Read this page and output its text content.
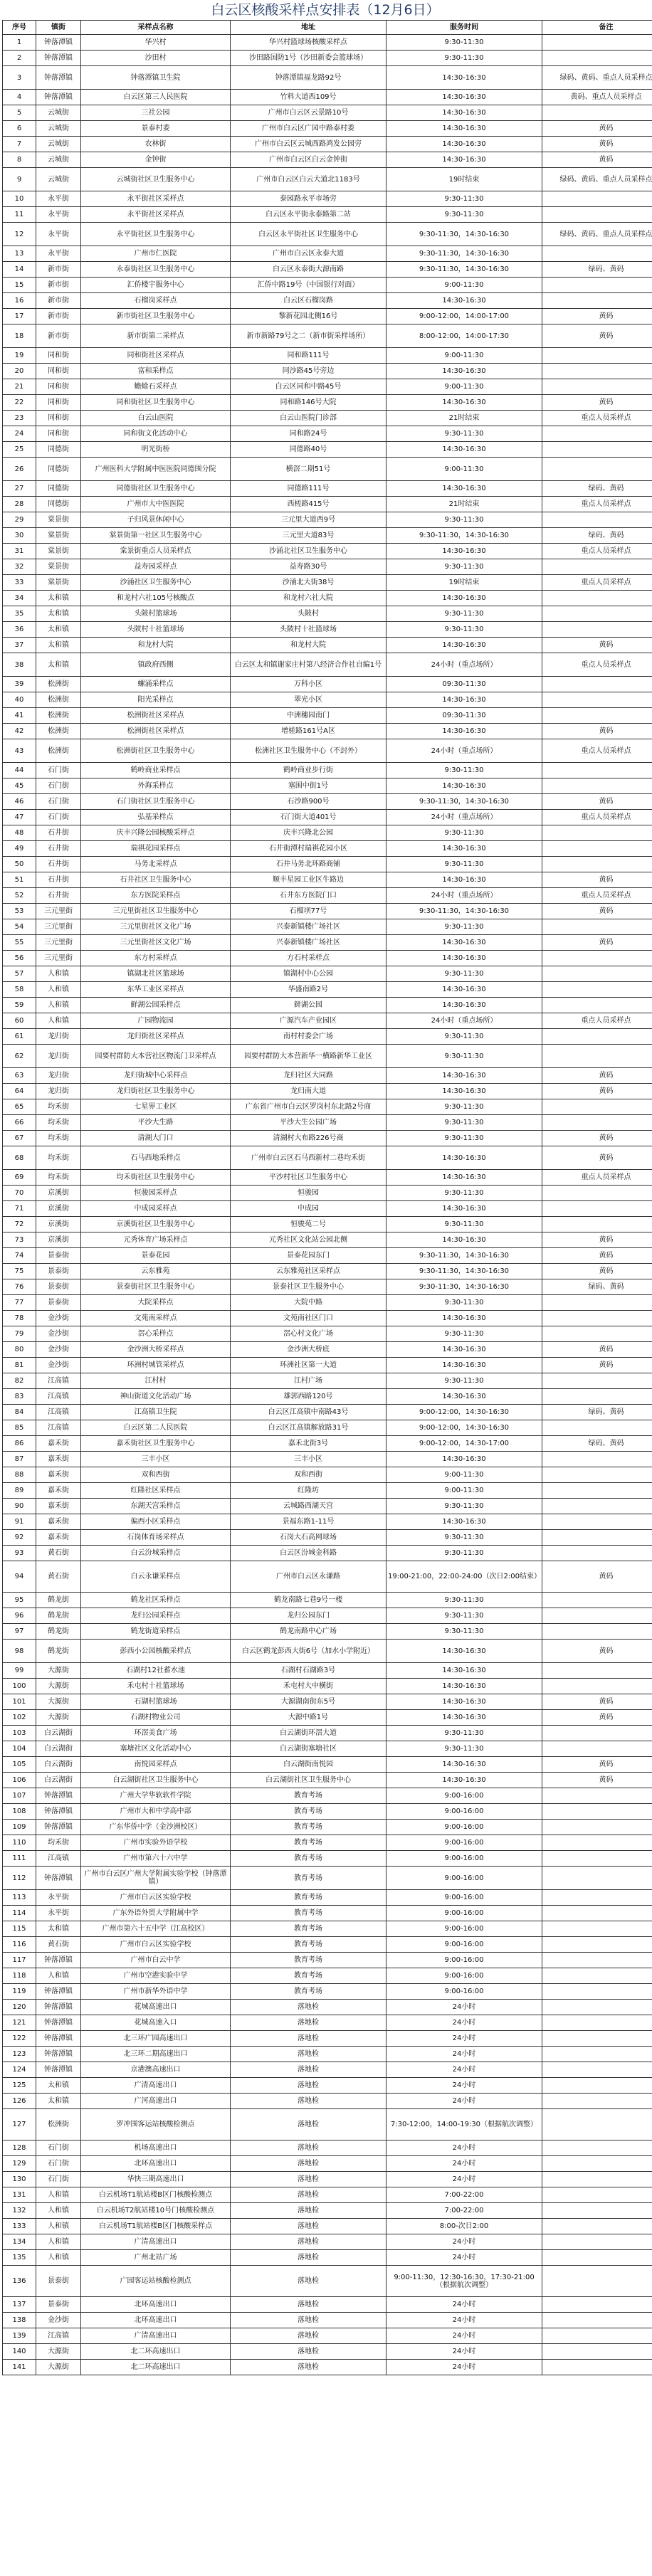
白云区核酸采样点安排表（12月6日）
序号	镇街	采样点名称	地址	服务时间	备注
1	钟落潭镇	华兴村	华兴村篮球场核酸采样点	9:30-11:30	
2	钟落潭镇	沙田村	沙田路国防1号（沙田新委会篮球场）	9:30-11:30	
3	钟落潭镇	钟落潭镇卫生院	钟落潭镇福龙路92号	14:30-16:30	绿码、黄码、重点人员采样点
4	钟落潭镇	白云区第三人民医院	竹料大道西109号	14:30-16:30	黄码、重点人员采样点
5	云城街	三社公园	广州市白云区云景路10号	14:30-16:30	
6	云城街	景泰村委	广州市白云区广园中路泰村委	14:30-16:30	黄码
7	云城街	农林街	广州市白云区云城西路鸿发公园旁	14:30-16:30	黄码
8	云城街	金钟街	广州市白云区白云金钟街	14:30-16:30	黄码
9	云城街	云城街社区卫生服务中心	广州市白云区白云大道北1183号	19时结束	绿码、黄码、重点人员采样点
10	永平街	永平街社区采样点	泰园路永平市场旁	9:30-11:30	
11	永平街	永平街社区采样点	白云区永平街永泰路第二站	9:30-11:30	
12	永平街	永平街社区卫生服务中心	白云区永平街社区卫生服务中心	9:30-11:30，14:30-16:30	绿码、黄码、重点人员采样点
13	永平街	广州市仁医院	广州市白云区永泰大道	9:30-11:30，14:30-16:30	
14	新市街	永泰街社区卫生服务中心	白云区永泰街大源南路	9:30-11:30，14:30-16:30	绿码、黄码
15	新市街	汇侨楼宇服务中心	汇侨中路19号（中国银行对面）	9:00-11:30	
16	新市街	石榴岗采样点	白云区石榴岗路	14:30-16:30	
17	新市街	新市街社区卫生服务中心	黎新花园北侧16号	9:00-12:00，14:00-17:00	黄码
18	新市街	新市街第二采样点	新市新路79号之二（新市街采样场所）	8:00-12:00，14:00-17:30	黄码
19	同和街	同和街社区采样点	同和路111号	9:00-11:30	
20	同和街	富和采样点	同沙路45号旁边	14:30-16:30	
21	同和街	蟾蜍石采样点	白云区同和中路45号	9:00-11:30	
22	同和街	同和街社区卫生服务中心	同和路146号大院	14:30-16:30	黄码
23	同和街	白云山医院	白云山医院门诊部	21时结束	重点人员采样点
24	同和街	同和街文化活动中心	同和路24号	9:30-11:30	
25	同德街	明光街桥	同德路40号	14:30-16:30	
26	同德街	广州医科大学附属中医医院同德围分院	横滘二期51号	9:00-11:30	
27	同德街	同德街社区卫生服务中心	同德路111号	14:30-16:30	绿码、黄码
28	同德街	广州市大中医医院	西槎路415号	21时结束	重点人员采样点
29	棠景街	子归风景休闲中心	三元里大道西9号	9:30-11:30	
30	棠景街	棠景街第一社区卫生服务中心	三元里大道83号	9:30-11:30，14:30-16:30	绿码、黄码
31	棠景街	棠景街重点人员采样点	沙涌北社区卫生服务中心	14:30-16:30	重点人员采样点
32	棠景街	益寿园采样点	益寿路30号	9:30-11:30	
33	棠景街	沙涌社区卫生服务中心	沙涌北大街38号	19时结束	重点人员采样点
34	太和镇	和龙村六社105号核酸点	和龙村六社大院	14:30-16:30	
35	太和镇	头陂村篮球场	头陂村	9:30-11:30	
36	太和镇	头陂村十社篮球场	头陂村十社篮球场	9:30-11:30	
37	太和镇	和龙村大院	和龙村大院	14:30-16:30	黄码
38	太和镇	镇政府西侧	白云区太和镇谢家庄村第八经济合作社自编1号	24小时（重点场所）	重点人员采样点
39	松洲街	螺涌采样点	万科小区	09:30-11:30	
40	松洲街	阳光采样点	翠光小区	14:30-16:30	
41	松洲街	松洲街社区采样点	中洲穗园南门	09:30-11:30	
42	松洲街	松洲街社区采样点	增槎路161号A区	14:30-16:30	黄码
43	松洲街	松洲街社区卫生服务中心	松洲社区卫生服务中心（不封外）	24小时（重点场所）	重点人员采样点
44	石门街	鹤岭商业采样点	鹤岭商业步行街	9:30-11:30	
45	石门街	外海采样点	塞围中街1号	14:30-16:30	
46	石门街	石门街社区卫生服务中心	石沙路900号	9:30-11:30，14:30-16:30	黄码
47	石门街	弘基采样点	石门街大道401号	24小时（重点场所）	重点人员采样点
48	石井街	庆丰兴隆公园核酸采样点	庆丰兴隆北公园	9:30-11:30	
49	石井街	瑞祺花园采样点	石井街潭村瑞祺花园小区	14:30-16:30	
50	石井街	马务北采样点	石井马务北环路商铺	9:30-11:30	
51	石井街	石井社区卫生服务中心	顺丰星园工业区牛路边	14:30-16:30	黄码
52	石井街	东方医院采样点	石井东方医院门口	24小时（重点场所）	重点人员采样点
53	三元里街	三元里街社区卫生服务中心	石榴坝77号	9:30-11:30，14:30-16:30	黄码
54	三元里街	三元里街社区文化广场	兴泰新镇楼广场社区	9:30-11:30	
55	三元里街	三元里街社区文化广场	兴泰新镇楼广场社区	14:30-16:30	黄码
56	三元里街	东方村采样点	方石村采样点	14:30-16:30	
57	人和镇	镇湖北社区篮球场	镇湖村中心公园	9:30-11:30	
58	人和镇	东华工业区采样点	华盛南路2号	14:30-16:30	
59	人和镇	鲜湖公园采样点	鲜湖公园	14:30-16:30	
60	人和镇	广园物流园	广源汽车产业园区	24小时（重点场所）	重点人员采样点
61	龙归街	龙归街社区采样点	南村村委会广场	9:30-11:30	
62	龙归街	园要村群防大本营社区物流门卫采样点	园要村群防大本营新华一横路新华工业区	9:30-11:30	
63	龙归街	龙归街城中心采样点	龙归社区大同路	14:30-16:30	黄码
64	龙归街	龙归街社区卫生服务中心	龙归南大道	14:30-16:30	黄码
65	均禾街	七星界工业区	广东省广州市白云区罗岗村东北路2号商	9:30-11:30	
66	均禾街	平沙大生路	平沙大生公园广场	9:30-11:30	
67	均禾街	清湖大门口	清湖村大布路226号商	9:30-11:30	黄码
68	均禾街	石马西地采样点	广州市白云区石马西新村二巷均禾街	14:30-16:30	黄码
69	均禾街	均禾街社区卫生服务中心	平沙村社区卫生服务中心	14:30-16:30	重点人员采样点
70	京溪街	恒骏园采样点	恒骏园	9:30-11:30	
71	京溪街	中成园采样点	中成园	14:30-16:30	
72	京溪街	京溪街社区卫生服务中心	恒骏苑二号	9:30-11:30	
73	京溪街	元秀体育广场采样点	元秀社区文化站公园北侧	14:30-16:30	黄码
74	景泰街	景泰花园	景泰花园东门	9:30-11:30，14:30-16:30	黄码
75	景泰街	云东雅苑	云东雅苑社区采样点	9:30-11:30，14:30-16:30	黄码
76	景泰街	景泰街社区卫生服务中心	景泰社区卫生服务中心	9:30-11:30，14:30-16:30	绿码、黄码
77	景泰街	大院采样点	大院中路	9:30-11:30	
78	金沙街	文苑南采样点	文苑南社区门口	14:30-16:30	
79	金沙街	滘心采样点	滘心村文化广场	9:30-11:30	
80	金沙街	金沙洲大桥采样点	金沙洲大桥底	14:30-16:30	黄码
81	金沙街	环洲村城管采样点	环洲社区第一大道	14:30-16:30	黄码
82	江高镇	江村村	江村广场	9:30-11:30	
83	江高镇	神山街道文化活动广场	雄郭西路120号	14:30-16:30	
84	江高镇	江高镇卫生院	白云区江高镇中南路43号	9:00-12:00，14:30-16:30	绿码、黄码
85	江高镇	白云区第二人民医院	白云区江高镇解放路31号	9:00-12:00，14:30-16:30	
86	嘉禾街	嘉禾街社区卫生服务中心	嘉禾北街3号	9:00-12:00，14:30-17:00	绿码、黄码
87	嘉禾街	三丰小区	三丰小区	14:30-16:30	
88	嘉禾街	双和西街	双和西街	9:00-11:30	
89	嘉禾街	红隆社区采样点	红隆坊	9:00-11:30	
90	嘉禾街	东湖天宫采样点	云城路西湖天宫	9:30-11:30	
91	嘉禾街	偏西小区采样点	景福东路1-11号	14:30-16:30	
92	嘉禾街	石岗体育场采样点	石岗大石高网球场	9:30-11:30	
93	黄石街	白云汾城采样点	白云区汾城金科路	9:30-11:30	
94	黄石街	白云永谦采样点	广州市白云区永谦路	19:00-21:00，22:00-24:00（次日2:00结束）	黄码
95	鹤龙街	鹤龙社区采样点	鹤龙南路七巷9号一楼	9:30-11:30	
96	鹤龙街	龙归公园采样点	龙归公园东门	9:30-11:30	
97	鹤龙街	鹤龙街道采样点	鹤龙南路中心广场	9:30-11:30	
98	鹤龙街	彭西小公园核酸采样点	白云区鹤龙彭西大街6号（加水小学附近）	14:30-16:30	黄码
99	大源街	石湖村12社蓄水池	石湖村石湖路3号	14:30-16:30	
100	大源街	禾屯村十社篮球场	禾屯村大中横街	14:30-16:30	
101	大源街	石湖村篮球场	大源湖南街东5号	14:30-16:30	黄码
102	大源街	石湖村物业公司	大源中路1号	14:30-16:30	黄码
103	白云湖街	环滘美食广场	白云湖街环滘大道	9:30-11:30	
104	白云湖街	塞塘社区文化活动中心	白云湖街塞塘社区	9:30-11:30	
105	白云湖街	南悦园采样点	白云湖街南悦园	14:30-16:30	黄码
106	白云湖街	白云湖街社区卫生服务中心	白云湖街社区卫生服务中心	14:30-16:30	黄码
107	钟落潭镇	广州大学华软软件学院	教育考场	9:00-16:00	
108	钟落潭镇	广州市大和中学高中部	教育考场	9:00-16:00	
109	钟落潭镇	广东华侨中学（金沙洲校区）	教育考场	9:00-16:00	
110	均禾街	广州市实验外语学校	教育考场	9:00-16:00	
111	江高镇	广州市第六十六中学	教育考场	9:00-16:00	
112	钟落潭镇	广州市白云区广州大学附属实验学校（钟落潭镇）	教育考场	9:00-16:00	
113	永平街	广州市白云区实验学校	教育考场	9:00-16:00	
114	永平街	广东外语外贸大学附属中学	教育考场	9:00-16:00	
115	太和镇	广州市第六十五中学（江高校区）	教育考场	9:00-16:00	
116	黄石街	广州市白云区实验学校	教育考场	9:00-16:00	
117	钟落潭镇	广州市白云中学	教育考场	9:00-16:00	
118	人和镇	广州市空港实验中学	教育考场	9:00-16:00	
119	钟落潭镇	广州市新华外语中学	教育考场	9:00-16:00	
120	钟落潭镇	花城高速出口	落地检	24小时	
121	钟落潭镇	花城高速入口	落地检	24小时	
122	钟落潭镇	北三环广园高速出口	落地检	24小时	
123	钟落潭镇	北三环二期高速出口	落地检	24小时	
124	钟落潭镇	京港澳高速出口	落地检	24小时	
125	太和镇	广清高速出口	落地检	24小时	
126	太和镇	广河高速出口	落地检	24小时	
127	松洲街	罗冲围客运站核酸检测点	落地检	7:30-12:00，14:00-19:30（根据航次调整）	
128	石门街	机场高速出口	落地检	24小时	
129	石门街	北环高速出口	落地检	24小时	
130	石门街	华快三期高速出口	落地检	24小时	
131	人和镇	白云机场T1航站楼B区门核酸检测点	落地检	7:00-22:00	
132	人和镇	白云机场T2航站楼10号门核酸检测点	落地检	7:00-22:00	
133	人和镇	白云机场T1航站楼B区门核酸采样点	落地检	8:00-次日2:00	
134	人和镇	广清高速出口	落地检	24小时	
135	人和镇	广州北站广场	落地检	24小时	
136	景泰街	广园客运站核酸检测点	落地检	9:00-11:30，12:30-16:30，17:30-21:00（根据航次调整）	
137	景泰街	北环高速出口	落地检	24小时	
138	金沙街	北环高速出口	落地检	24小时	
139	江高镇	广清高速出口	落地检	24小时	
140	大源街	北二环高速出口	落地检	24小时	
141	大源街	北二环高速出口	落地检	24小时	
